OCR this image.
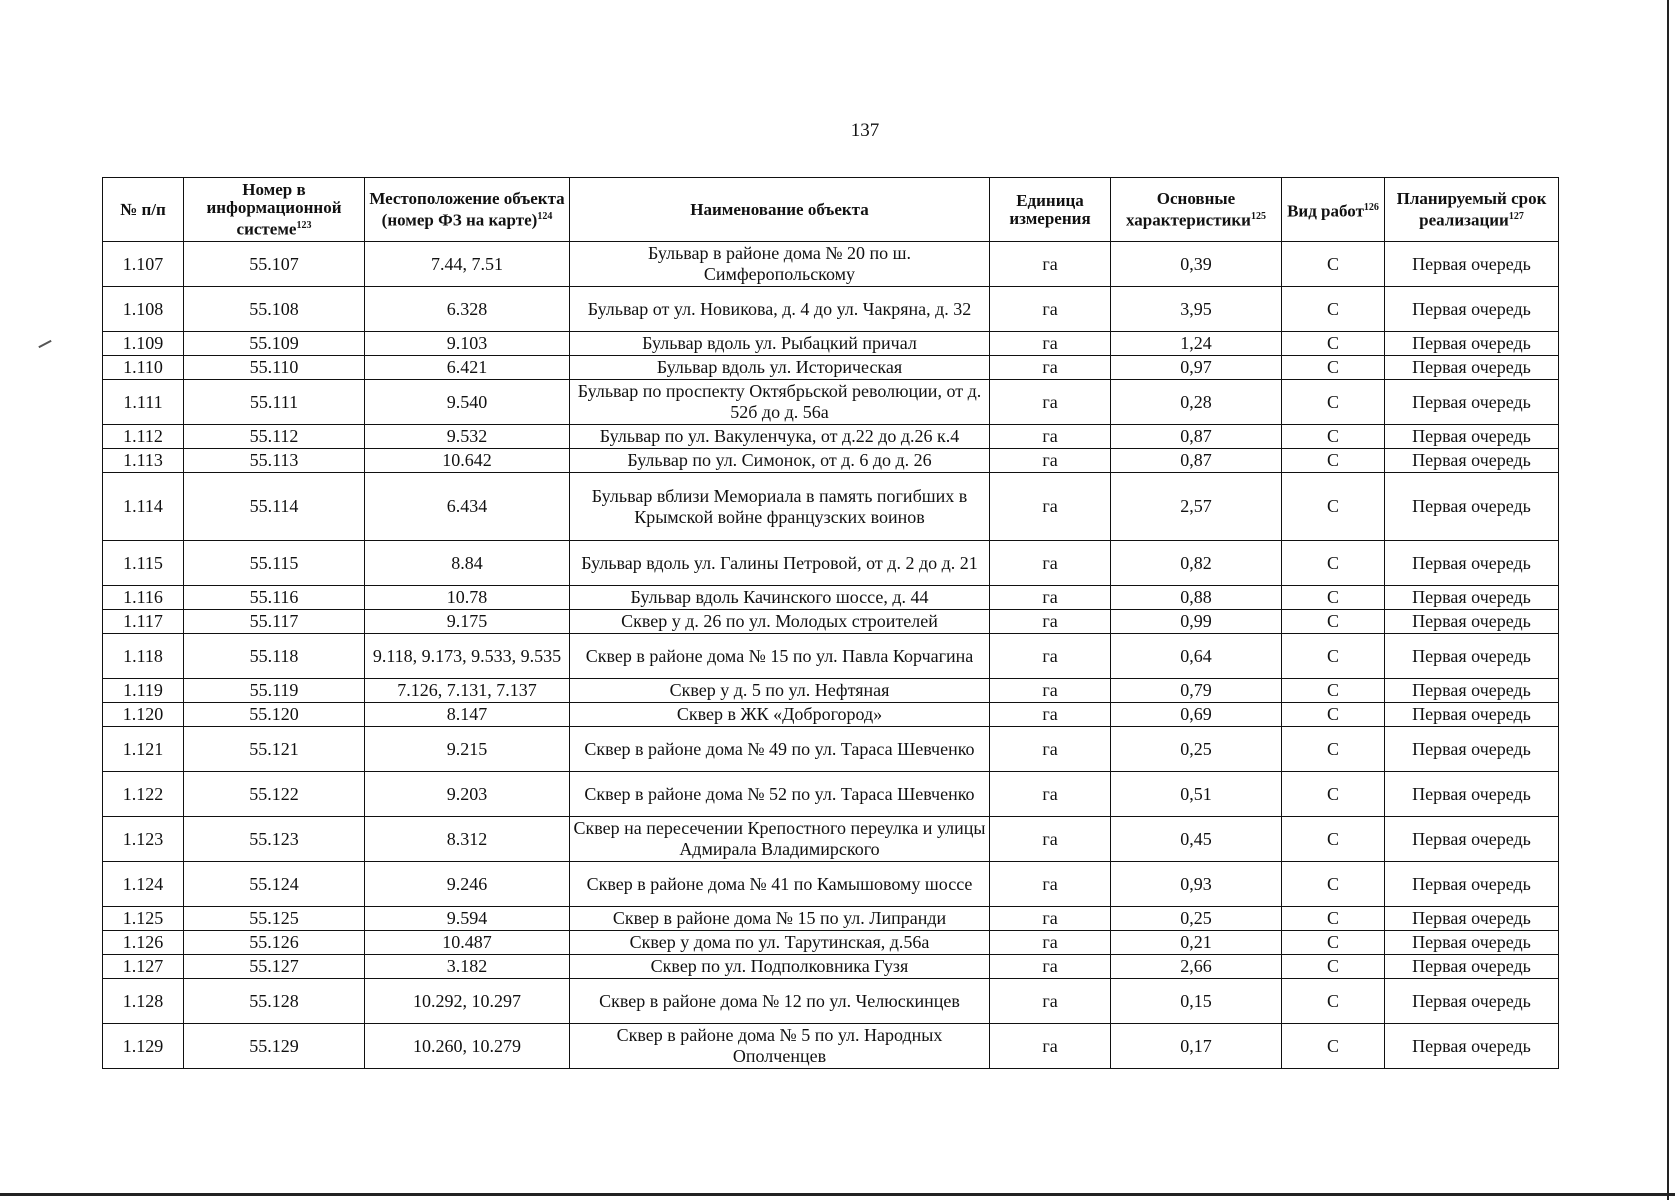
137
№ п/п	Номер в информационной системе$^{123}$	Местоположение объекта (номер ФЗ на карте)$^{124}$	Наименование объекта	Единица измерения	Основные характеристики$^{125}$	Вид работ$^{126}$	Планируемый срок реализации$^{127}$
1.107	55.107	7.44, 7.51	Бульвар в районе дома № 20 по ш. Симферопольскому	га	0,39	С	Первая очередь
1.108	55.108	6.328	Бульвар от ул. Новикова, д. 4 до ул. Чакряна, д. 32	га	3,95	С	Первая очередь
1.109	55.109	9.103	Бульвар вдоль ул. Рыбацкий причал	га	1,24	С	Первая очередь
1.110	55.110	6.421	Бульвар вдоль ул. Историческая	га	0,97	С	Первая очередь
1.111	55.111	9.540	Бульвар по проспекту Октябрьской революции, от д. 52б до д. 56а	га	0,28	С	Первая очередь
1.112	55.112	9.532	Бульвар по ул. Вакуленчука, от д.22 до д.26 к.4	га	0,87	С	Первая очередь
1.113	55.113	10.642	Бульвар по ул. Симонок, от д. 6 до д. 26	га	0,87	С	Первая очередь
1.114	55.114	6.434	Бульвар вблизи Мемориала в память погибших в Крымской войне французских воинов	га	2,57	С	Первая очередь
1.115	55.115	8.84	Бульвар вдоль ул. Галины Петровой, от д. 2 до д. 21	га	0,82	С	Первая очередь
1.116	55.116	10.78	Бульвар вдоль Качинского шоссе, д. 44	га	0,88	С	Первая очередь
1.117	55.117	9.175	Сквер у д. 26 по ул. Молодых строителей	га	0,99	С	Первая очередь
1.118	55.118	9.118, 9.173, 9.533, 9.535	Сквер в районе дома № 15 по ул. Павла Корчагина	га	0,64	С	Первая очередь
1.119	55.119	7.126, 7.131, 7.137	Сквер у д. 5 по ул. Нефтяная	га	0,79	С	Первая очередь
1.120	55.120	8.147	Сквер в ЖК «Доброгород»	га	0,69	С	Первая очередь
1.121	55.121	9.215	Сквер в районе дома № 49 по ул. Тараса Шевченко	га	0,25	С	Первая очередь
1.122	55.122	9.203	Сквер в районе дома № 52 по ул. Тараса Шевченко	га	0,51	С	Первая очередь
1.123	55.123	8.312	Сквер на пересечении Крепостного переулка и улицы Адмирала Владимирского	га	0,45	С	Первая очередь
1.124	55.124	9.246	Сквер в районе дома № 41 по Камышовому шоссе	га	0,93	С	Первая очередь
1.125	55.125	9.594	Сквер в районе дома № 15 по ул. Липранди	га	0,25	С	Первая очередь
1.126	55.126	10.487	Сквер у дома по ул. Тарутинская, д.56а	га	0,21	С	Первая очередь
1.127	55.127	3.182	Сквер по ул. Подполковника Гузя	га	2,66	С	Первая очередь
1.128	55.128	10.292, 10.297	Сквер в районе дома № 12 по ул. Челюскинцев	га	0,15	С	Первая очередь
1.129	55.129	10.260, 10.279	Сквер в районе дома № 5 по ул. Народных Ополченцев	га	0,17	С	Первая очередь
